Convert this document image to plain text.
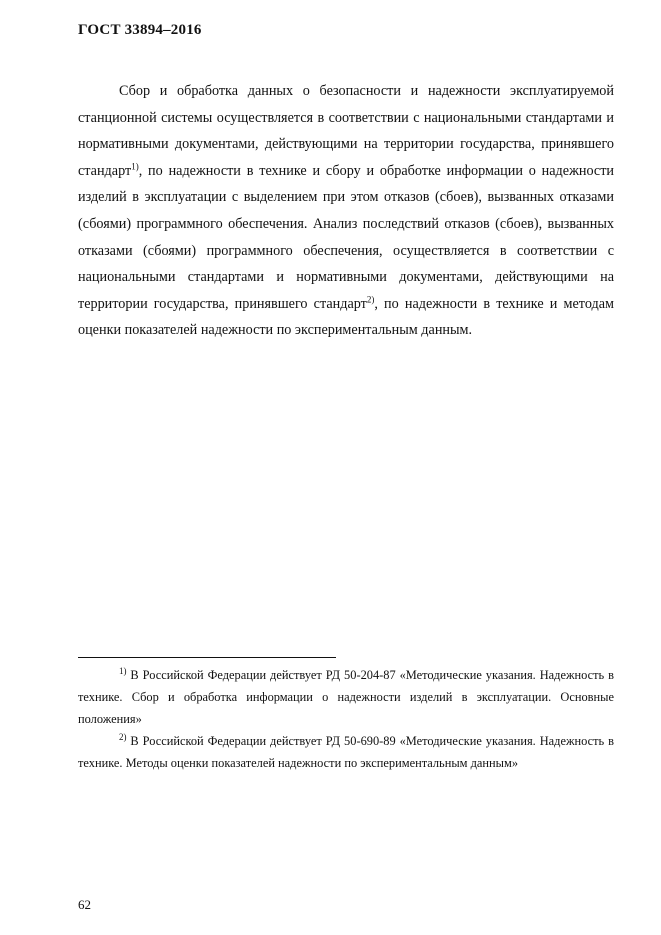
ГОСТ 33894–2016

Сбор и обработка данных о безопасности и надежности эксплуатируемой станционной системы осуществляется в соответствии с национальными стандартами и нормативными документами, действующими на территории государства, принявшего стандарт$^{1)}$, по надежности в технике и сбору и обработке информации о надежности изделий в эксплуатации с выделением при этом отказов (сбоев), вызванных отказами (сбоями) программного обеспечения. Анализ последствий отказов (сбоев), вызванных отказами (сбоями) программного обеспечения, осуществляется в соответствии с национальными стандартами и нормативными документами, действующими на территории государства, принявшего стандарт$^{2)}$, по надежности в технике и методам оценки показателей надежности по экспериментальным данным.

$^{1)}$ В Российской Федерации действует РД 50-204-87 «Методические указания. Надежность в технике. Сбор и обработка информации о надежности изделий в эксплуатации. Основные положения»

$^{2)}$ В Российской Федерации действует РД 50-690-89 «Методические указания. Надежность в технике. Методы оценки показателей надежности по экспериментальным данным»

62
